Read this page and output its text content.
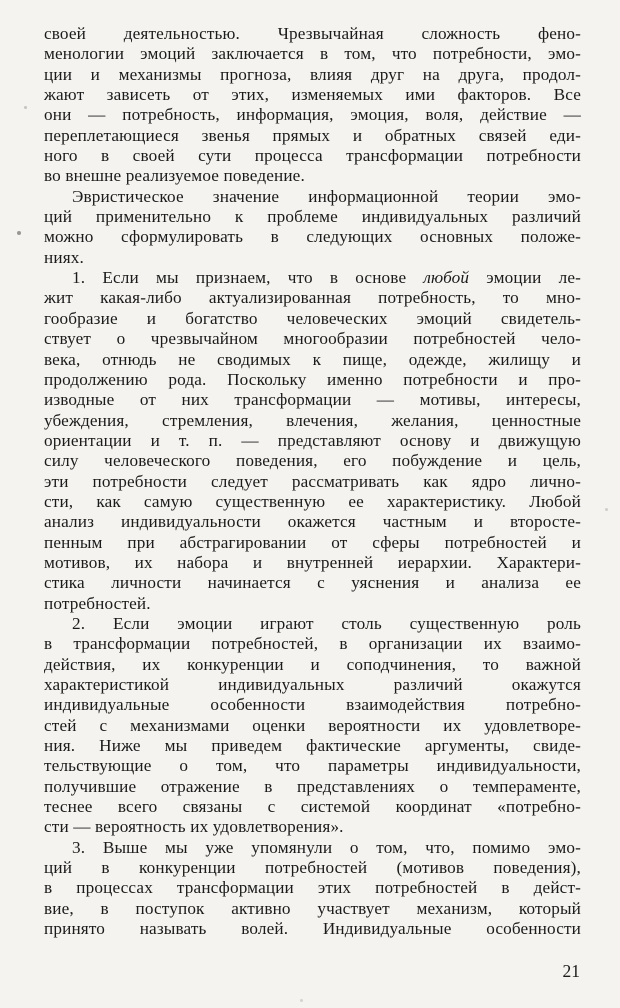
своей деятельностью. Чрезвычайная сложность фено-
менологии эмоций заключается в том, что потребности, эмо-
ции и механизмы прогноза, влияя друг на друга, продол-
жают зависеть от этих, изменяемых ими факторов. Все
они — потребность, информация, эмоция, воля, действие —
переплетающиеся звенья прямых и обратных связей еди-
ного в своей сути процесса трансформации потребности
во внешне реализуемое поведение.
Эвристическое значение информационной теории эмо-
ций применительно к проблеме индивидуальных различий
можно сформулировать в следующих основных положе-
ниях.
1. Если мы признаем, что в основе любой эмоции ле-
жит какая-либо актуализированная потребность, то мно-
гообразие и богатство человеческих эмоций свидетель-
ствует о чрезвычайном многообразии потребностей чело-
века, отнюдь не сводимых к пище, одежде, жилищу и
продолжению рода. Поскольку именно потребности и про-
изводные от них трансформации — мотивы, интересы,
убеждения, стремления, влечения, желания, ценностные
ориентации и т. п. — представляют основу и движущую
силу человеческого поведения, его побуждение и цель,
эти потребности следует рассматривать как ядро лично-
сти, как самую существенную ее характеристику. Любой
анализ индивидуальности окажется частным и второсте-
пенным при абстрагировании от сферы потребностей и
мотивов, их набора и внутренней иерархии. Характери-
стика личности начинается с уяснения и анализа ее
потребностей.
2. Если эмоции играют столь существенную роль
в трансформации потребностей, в организации их взаимо-
действия, их конкуренции и соподчинения, то важной
характеристикой индивидуальных различий окажутся
индивидуальные особенности взаимодействия потребно-
стей с механизмами оценки вероятности их удовлетворе-
ния. Ниже мы приведем фактические аргументы, свиде-
тельствующие о том, что параметры индивидуальности,
получившие отражение в представлениях о темпераменте,
теснее всего связаны с системой координат «потребно-
сти — вероятность их удовлетворения».
3. Выше мы уже упомянули о том, что, помимо эмо-
ций в конкуренции потребностей (мотивов поведения),
в процессах трансформации этих потребностей в дейст-
вие, в поступок активно участвует механизм, который
принято называть волей. Индивидуальные особенности
21
